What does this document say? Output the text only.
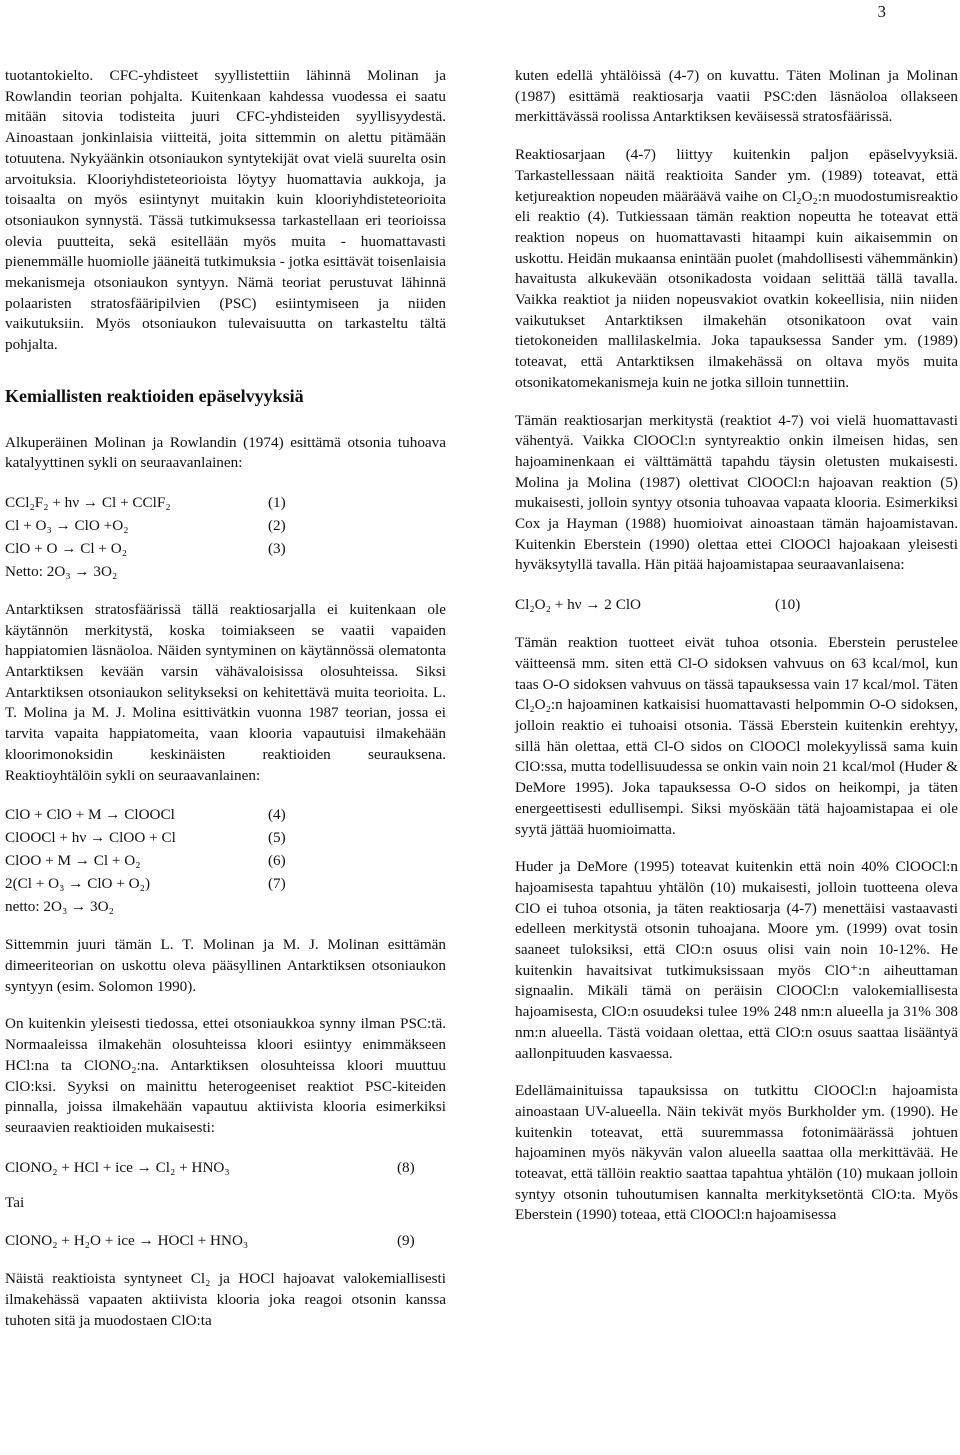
3

tuotantokielto. CFC-yhdisteet syyllistettiin lähinnä Molinan ja Rowlandin teorian pohjalta. Kuitenkaan kahdessa vuodessa ei saatu mitään sitovia todisteita juuri CFC-yhdisteiden syyllisyydestä. Ainoastaan jonkinlaisia viitteitä, joita sittemmin on alettu pitämään totuutena. Nykyäänkin otsoniaukon syntytekijät ovat vielä suurelta osin arvoituksia. Klooriyhdisteteorioista löytyy huomattavia aukkoja, ja toisaalta on myös esiintynyt muitakin kuin klooriyhdisteteorioita otsoniaukon synnystä. Tässä tutkimuksessa tarkastellaan eri teorioissa olevia puutteita, sekä esitellään myös muita - huomattavasti pienemmälle huomiolle jääneitä tutkimuksia - jotka esittävät toisenlaisia mekanismeja otsoniaukon syntyyn. Nämä teoriat perustuvat lähinnä polaaristen stratosfääripilvien (PSC) esiintymiseen ja niiden vaikutuksiin. Myös otsoniaukon tulevaisuutta on tarkasteltu tältä pohjalta.

Kemiallisten reaktioiden epäselvyyksiä

Alkuperäinen Molinan ja Rowlandin (1974) esittämä otsonia tuhoava katalyyttinen sykli on seuraavanlainen:

CCl₂F₂ + hν → Cl + CClF₂	(1)
Cl + O₃ → ClO +O₂	(2)
ClO + O → Cl + O₂	(3)
Netto: 2O₃ → 3O₂

Antarktiksen stratosfäärissä tällä reaktiosarjalla ei kuitenkaan ole käytännön merkitystä, koska toimiakseen se vaatii vapaiden happiatomien läsnäoloa. Näiden syntyminen on käytännössä olematonta Antarktiksen kevään varsin vähävaloisissa olosuhteissa. Siksi Antarktiksen otsoniaukon selitykseksi on kehitettävä muita teorioita. L. T. Molina ja M. J. Molina esittivätkin vuonna 1987 teorian, jossa ei tarvita vapaita happiatomeita, vaan klooria vapautuisi ilmakehään kloorimonoksidin keskinäisten reaktioiden seurauksena. Reaktioyhtälöin sykli on seuraavanlainen:

ClO + ClO + M → ClOOCl	(4)
ClOOCl + hν → ClOO + Cl	(5)
ClOO + M → Cl + O₂	(6)
2(Cl + O₃ → ClO + O₂)	(7)
netto: 2O₃ → 3O₂

Sittemmin juuri tämän L. T. Molinan ja M. J. Molinan esittämän dimeeriteorian on uskottu oleva pääsyllinen Antarktiksen otsoniaukon syntyyn (esim. Solomon 1990).

On kuitenkin yleisesti tiedossa, ettei otsoniaukkoa synny ilman PSC:tä. Normaaleissa ilmakehän olosuhteissa kloori esiintyy enimmäkseen HCl:na ta ClONO₂:na. Antarktiksen olosuhteissa kloori muuttuu ClO:ksi. Syyksi on mainittu heterogeeniset reaktiot PSC-kiteiden pinnalla, joissa ilmakehään vapautuu aktiivista klooria esimerkiksi seuraavien reaktioiden mukaisesti:

ClONO₂ + HCl + ice → Cl₂ + HNO₃	(8)
Tai
ClONO₂ + H₂O + ice → HOCl + HNO₃	(9)

Näistä reaktioista syntyneet Cl₂ ja HOCl hajoavat valokemiallisesti ilmakehässä vapaaten aktiivista klooria joka reagoi otsonin kanssa tuhoten sitä ja muodostaen ClO:ta

kuten edellä yhtälöissä (4-7) on kuvattu. Täten Molinan ja Molinan (1987) esittämä reaktiosarja vaatii PSC:den läsnäoloa ollakseen merkittävässä roolissa Antarktiksen keväisessä stratosfäärissä.

Reaktiosarjaan (4-7) liittyy kuitenkin paljon epäselvyyksiä. Tarkastellessaan näitä reaktioita Sander ym. (1989) toteavat, että ketjureaktion nopeuden määräävä vaihe on Cl₂O₂:n muodostumisreaktio eli reaktio (4). Tutkiessaan tämän reaktion nopeutta he toteavat että reaktion nopeus on huomattavasti hitaampi kuin aikaisemmin on uskottu. Heidän mukaansa enintään puolet (mahdollisesti vähemmänkin) havaitusta alkukevään otsonikadosta voidaan selittää tällä tavalla. Vaikka reaktiot ja niiden nopeusvakiot ovatkin kokeellisia, niin niiden vaikutukset Antarktiksen ilmakehän otsonikatoon ovat vain tietokoneiden mallilaskelmia. Joka tapauksessa Sander ym. (1989) toteavat, että Antarktiksen ilmakehässä on oltava myös muita otsonikatomekanismeja kuin ne jotka silloin tunnettiin.

Tämän reaktiosarjan merkitystä (reaktiot 4-7) voi vielä huomattavasti vähentyä. Vaikka ClOOCl:n syntyreaktio onkin ilmeisen hidas, sen hajoaminenkaan ei välttämättä tapahdu täysin oletusten mukaisesti. Molina ja Molina (1987) olettivat ClOOCl:n hajoavan reaktion (5) mukaisesti, jolloin syntyy otsonia tuhoavaa vapaata klooria. Esimerkiksi Cox ja Hayman (1988) huomioivat ainoastaan tämän hajoamistavan. Kuitenkin Eberstein (1990) olettaa ettei ClOOCl hajoakaan yleisesti hyväksytyllä tavalla. Hän pitää hajoamistapaa seuraavanlaisena:

Cl₂O₂ + hν → 2 ClO	(10)

Tämän reaktion tuotteet eivät tuhoa otsonia. Eberstein perustelee väitteensä mm. siten että Cl-O sidoksen vahvuus on 63 kcal/mol, kun taas O-O sidoksen vahvuus on tässä tapauksessa vain 17 kcal/mol. Täten Cl₂O₂:n hajoaminen katkaisisi huomattavasti helpommin O-O sidoksen, jolloin reaktio ei tuhoaisi otsonia. Tässä Eberstein kuitenkin erehtyy, sillä hän olettaa, että Cl-O sidos on ClOOCl molekyylissä sama kuin ClO:ssa, mutta todellisuudessa se onkin vain noin 21 kcal/mol (Huder & DeMore 1995). Joka tapauksessa O-O sidos on heikompi, ja täten energeettisesti edullisempi. Siksi myöskään tätä hajoamistapaa ei ole syytä jättää huomioimatta.

Huder ja DeMore (1995) toteavat kuitenkin että noin 40% ClOOCl:n hajoamisesta tapahtuu yhtälön (10) mukaisesti, jolloin tuotteena oleva ClO ei tuhoa otsonia, ja täten reaktiosarja (4-7) menettäisi vastaavasti edelleen merkitystä otsonin tuhoajana. Moore ym. (1999) ovat tosin saaneet tuloksiksi, että ClO:n osuus olisi vain noin 10-12%. He kuitenkin havaitsivat tutkimuksissaan myös ClO⁺:n aiheuttaman signaalin. Mikäli tämä on peräisin ClOOCl:n valokemiallisesta hajoamisesta, ClO:n osuudeksi tulee 19% 248 nm:n alueella ja 31% 308 nm:n alueella. Tästä voidaan olettaa, että ClO:n osuus saattaa lisääntyä aallonpituuden kasvaessa.

Edellämainituissa tapauksissa on tutkittu ClOOCl:n hajoamista ainoastaan UV-alueella. Näin tekivät myös Burkholder ym. (1990). He kuitenkin toteavat, että suuremmassa fotonimäärässä johtuen hajoaminen myös näkyvän valon alueella saattaa olla merkittävää. He toteavat, että tällöin reaktio saattaa tapahtua yhtälön (10) mukaan jolloin syntyy otsonin tuhoutumisen kannalta merkityksetöntä ClO:ta. Myös Eberstein (1990) toteaa, että ClOOCl:n hajoamisessa
